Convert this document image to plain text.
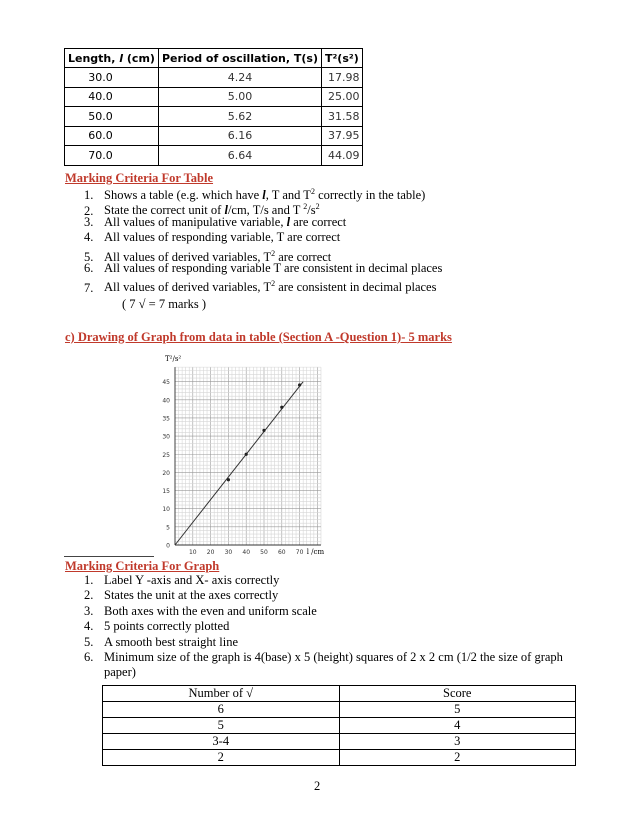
Length, l (cm)	Period of oscillation, T(s)	T²(s²)
30.0	4.24	17.98
40.0	5.00	25.00
50.0	5.62	31.58
60.0	6.16	37.95
70.0	6.64	44.09
Marking Criteria For Table
1. Shows a table (e.g. which have l, T and $T^2$ correctly in the table)
2. State the correct unit of l/cm, T/s and T $^2/s^2$
3. All values of manipulative variable, l are correct
4. All values of responding variable, T are correct
5. All values of derived variables, $T^2$ are correct
6. All values of responding variable T are consistent in decimal places
7. All values of derived variables, $T^2$ are consistent in decimal places
( 7 √ = 7 marks )
c) Drawing of Graph from data in table (Section A -Question 1)- 5 marks
0
5
10
15
20
25
30
35
40
45
10 20 30 40 50 60 70
T²/s²
l /cm
Marking Criteria For Graph
1. Label Y -axis and X- axis correctly
2. States the unit at the axes correctly
3. Both axes with the even and uniform scale
4. 5 points correctly plotted
5. A smooth best straight line
6. Minimum size of the graph is 4(base) x 5 (height) squares of 2 x 2 cm (1/2 the size of graph
paper)
Number of √	Score
6	5
5	4
3-4	3
2	2
2
